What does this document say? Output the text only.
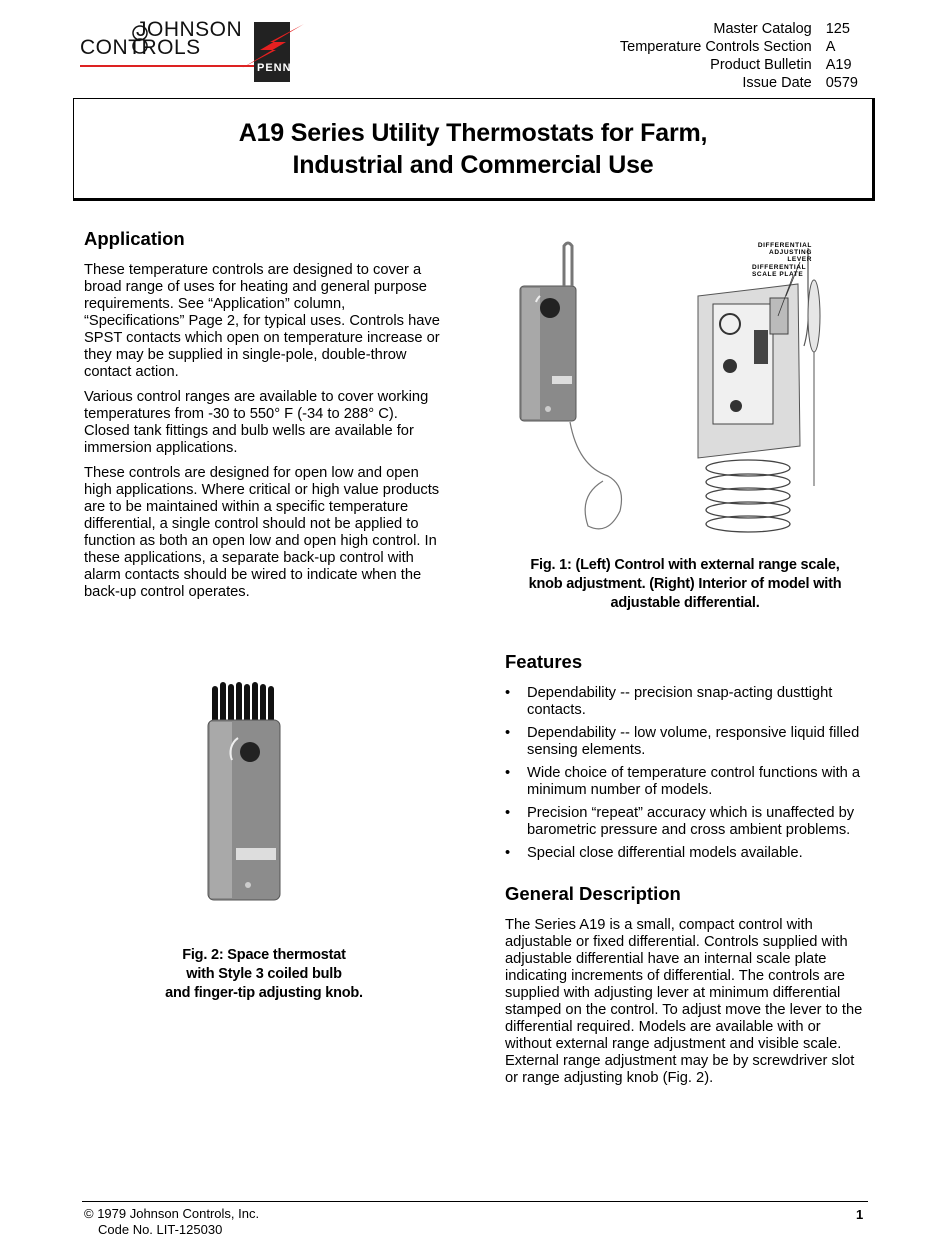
JOHNSON
CONTROLS
PENN
Master Catalog	125
Temperature Controls Section	A
Product Bulletin	A19
Issue Date	0579
A19 Series Utility Thermostats for Farm,
Industrial and Commercial Use
Application

These temperature controls are designed to cover a broad range of uses for heating and general purpose requirements. See “Application” column, “Specifications” Page 2, for typical uses. Controls have SPST contacts which open on temperature increase or they may be supplied in single-pole, double-throw contact action.

Various control ranges are available to cover working temperatures from -30 to 550° F (-34 to 288° C). Closed tank fittings and bulb wells are available for immersion applications.

These controls are designed for open low and open high applications. Where critical or high value products are to be maintained within a specific temperature differential, a single control should not be applied to function as both an open low and open high control. In these applications, a separate back-up control with alarm contacts should be wired to indicate when the back-up control operates.

DIFFERENTIAL
ADJUSTING LEVER
DIFFERENTIAL
SCALE PLATE
Fig. 1: (Left) Control with external range scale,
knob adjustment. (Right) Interior of model with
adjustable differential.
Fig. 2: Space thermostat
with Style 3 coiled bulb
and finger-tip adjusting knob.
Features
• Dependability -- precision snap-acting dusttight contacts.
• Dependability -- low volume, responsive liquid filled sensing elements.
• Wide choice of temperature control functions with a minimum number of models.
• Precision “repeat” accuracy which is unaffected by barometric pressure and cross ambient problems.
• Special close differential models available.
General Description

The Series A19 is a small, compact control with adjustable or fixed differential. Controls supplied with adjustable differential have an internal scale plate indicating increments of differential. The controls are supplied with adjusting lever at minimum differential stamped on the control. To adjust move the lever to the differential required. Models are available with or without external range adjustment and visible scale. External range adjustment may be by screwdriver slot or range adjusting knob (Fig. 2).

© 1979 Johnson Controls, Inc.
Code No. LIT-125030
1
